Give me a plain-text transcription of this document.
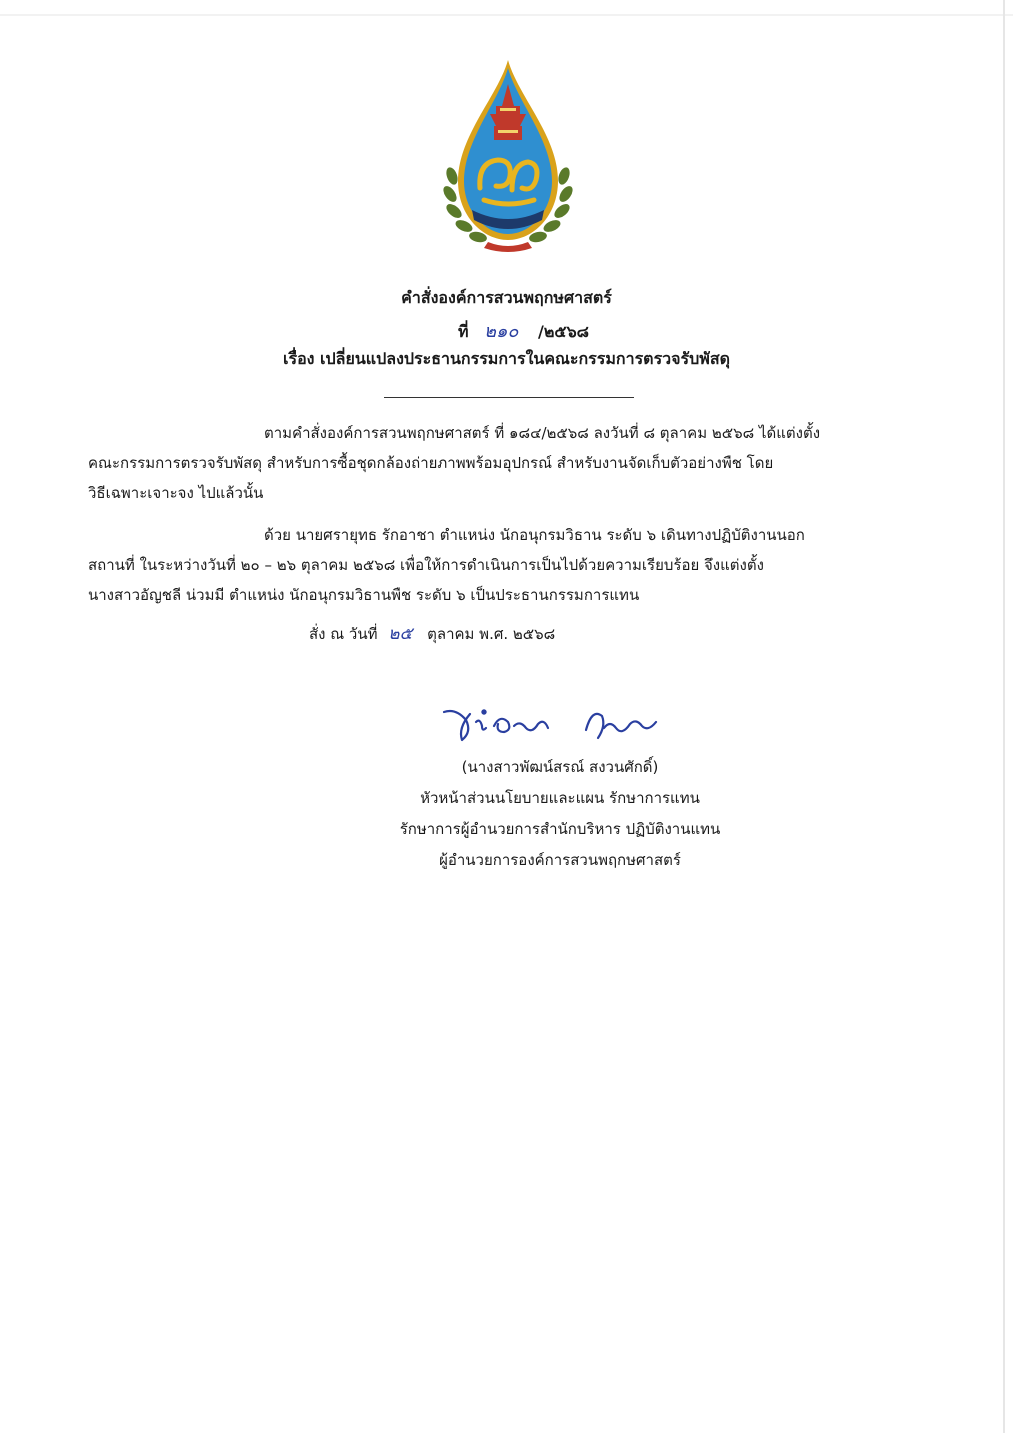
คำสั่งองค์การสวนพฤกษศาสตร์
ที่ ๒๑๐ /๒๕๖๘
เรื่อง เปลี่ยนแปลงประธานกรรมการในคณะกรรมการตรวจรับพัสดุ
ตามคำสั่งองค์การสวนพฤกษศาสตร์ ที่ ๑๘๔/๒๕๖๘ ลงวันที่ ๘ ตุลาคม ๒๕๖๘ ได้แต่งตั้ง
คณะกรรมการตรวจรับพัสดุ สำหรับการซื้อชุดกล้องถ่ายภาพพร้อมอุปกรณ์ สำหรับงานจัดเก็บตัวอย่างพืช โดย
วิธีเฉพาะเจาะจง ไปแล้วนั้น
ด้วย นายศรายุทธ รักอาชา ตำแหน่ง นักอนุกรมวิธาน ระดับ ๖ เดินทางปฏิบัติงานนอก
สถานที่ ในระหว่างวันที่ ๒๐ – ๒๖ ตุลาคม ๒๕๖๘ เพื่อให้การดำเนินการเป็นไปด้วยความเรียบร้อย จึงแต่งตั้ง
นางสาวอัญชลี น่วมมี ตำแหน่ง นักอนุกรมวิธานพืช ระดับ ๖ เป็นประธานกรรมการแทน
สั่ง ณ วันที่ ๒๕ ตุลาคม พ.ศ. ๒๕๖๘
(นางสาวพัฒน์สรณ์ สงวนศักดิ์)
หัวหน้าส่วนนโยบายและแผน รักษาการแทน
รักษาการผู้อำนวยการสำนักบริหาร ปฏิบัติงานแทน
ผู้อำนวยการองค์การสวนพฤกษศาสตร์
